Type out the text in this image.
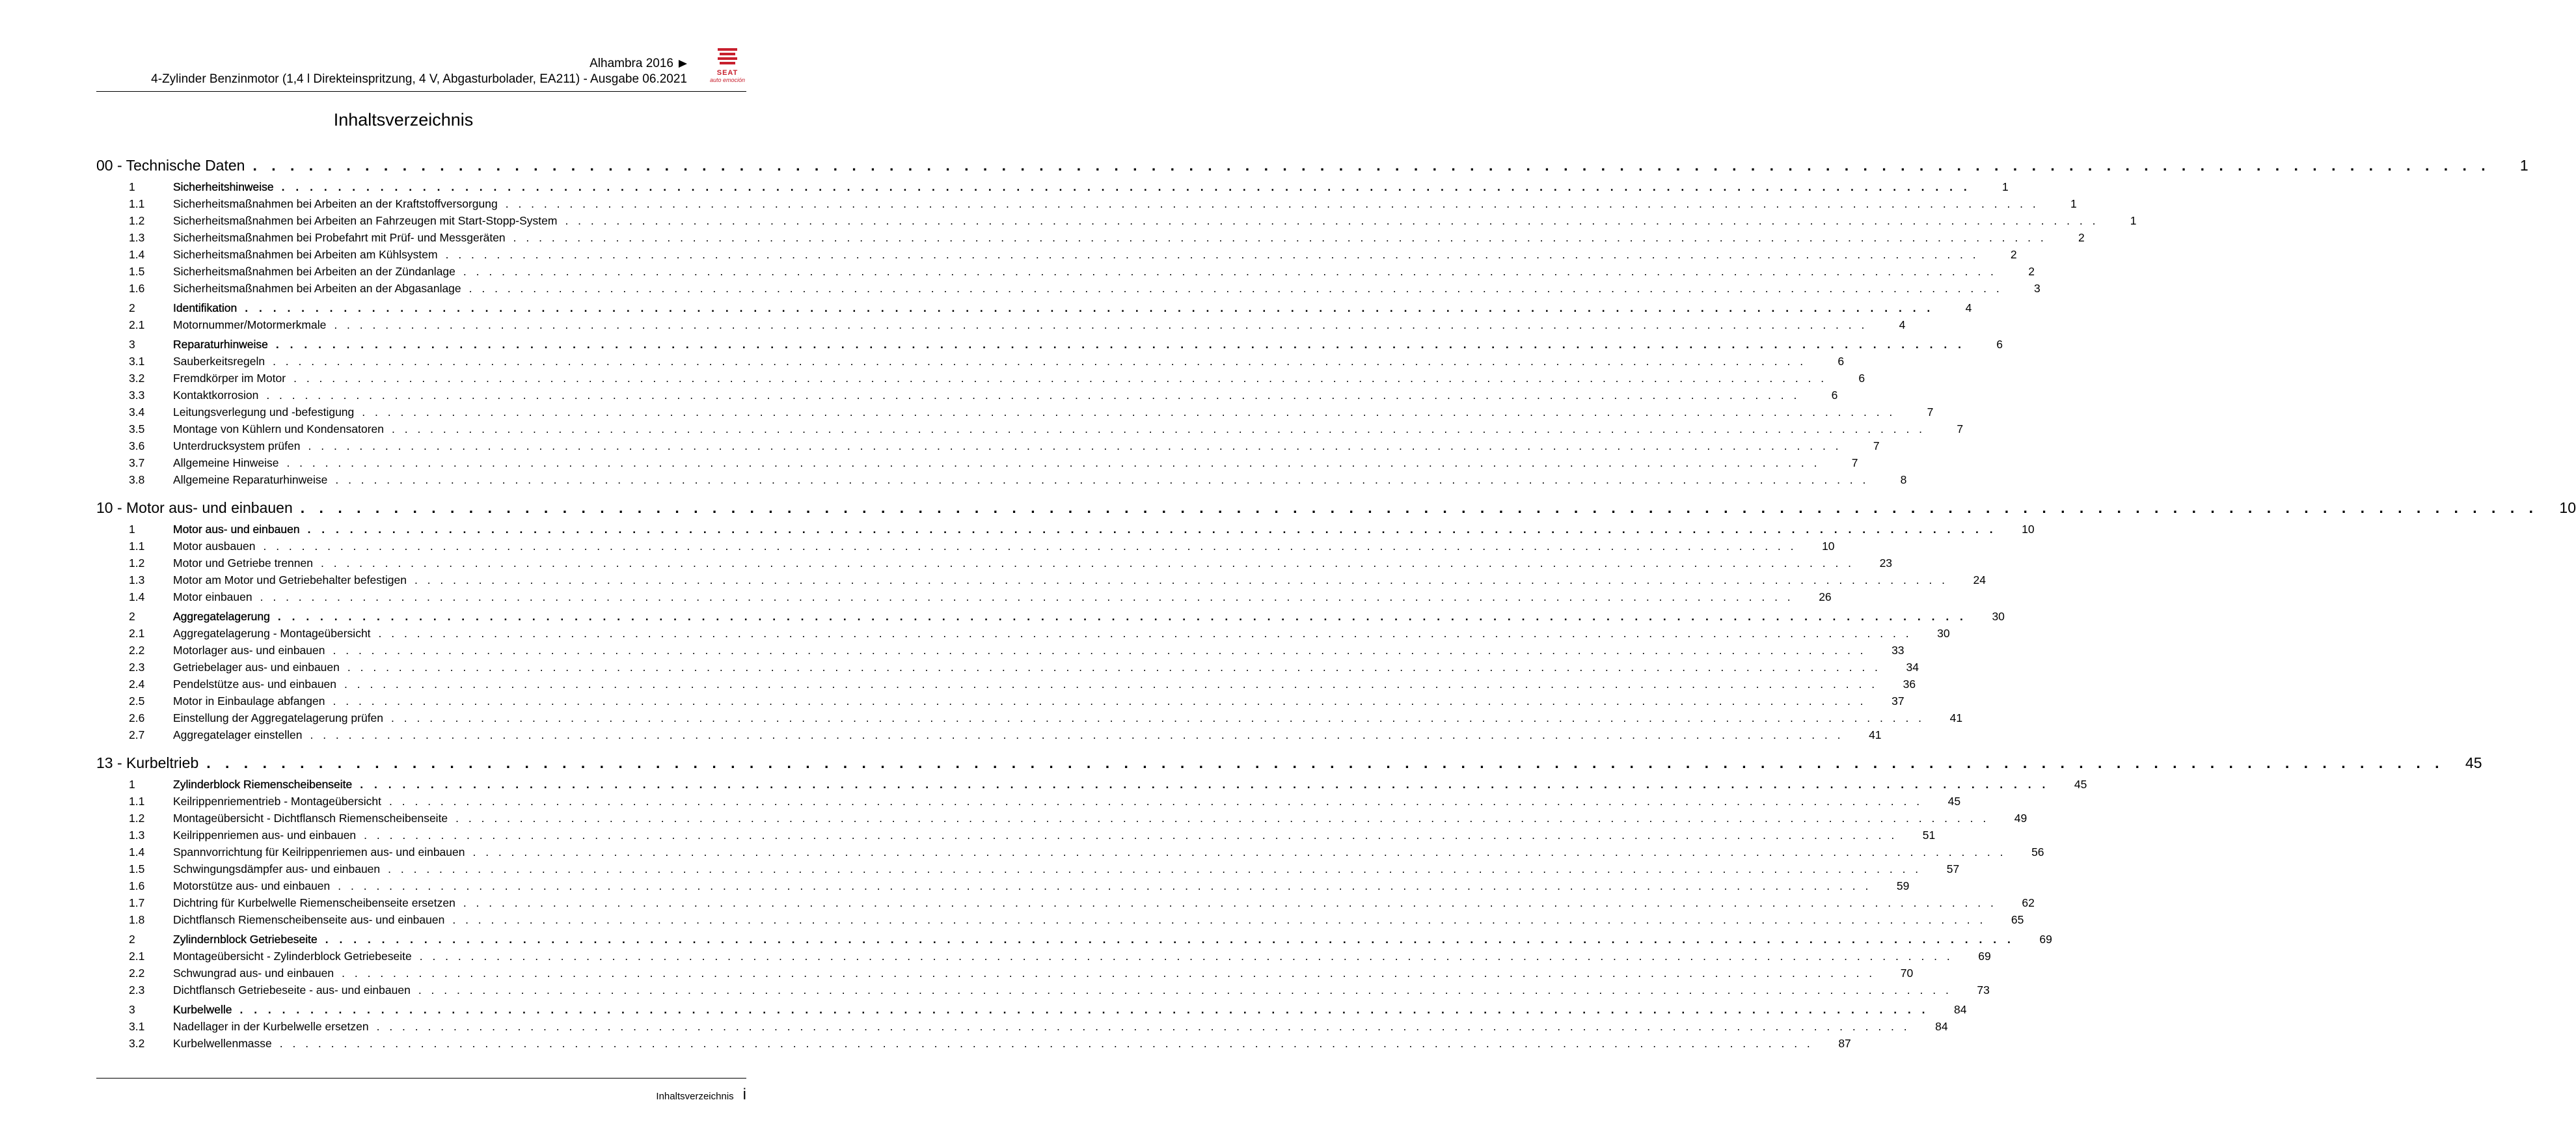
Alhambra 2016
4-Zylinder Benzinmotor (1,4 l Direkteinspritzung, 4 V, Abgasturbolader, EA211) - Ausgabe 06.2021	SEAT
auto emoción
Inhaltsverzeichnis
00 - Technische Daten . . . . . . . . . . . . . . . . . . . . . . . . . . . . . . . . . . . . . . . . . . . . . . . . . . . . . . . . . . . . . . . . . . . . . . . . . . . . . . . . . . . . . . . . . . . . . . . . . . . . . . . . . . . . . . . . . . . . . . . .	1
1	Sicherheitshinweise . . . . . . . . . . . . . . . . . . . . . . . . . . . . . . . . . . . . . . . . . . . . . . . . . . . . . . . . . . . . . . . . . . . . . . . . . . . . . . . . . . . . . . . . . . . . . . . . . . . . . . . . . . . . . . . . . . . . . . . .	1
1.1	Sicherheitsmaßnahmen bei Arbeiten an der Kraftstoffversorgung . . . . . . . . . . . . . . . . . . . . . . . . . . . . . . . . . . . . . . . . . . . . . . . . . . . . . . . . . . . . . . . . . . . . . . . . . . . . . . . . . . . . . . . . . . . . . . . . . . . . . . . . . . . . . . . . . . . . . . . .	1
1.2	Sicherheitsmaßnahmen bei Arbeiten an Fahrzeugen mit Start-Stopp-System . . . . . . . . . . . . . . . . . . . . . . . . . . . . . . . . . . . . . . . . . . . . . . . . . . . . . . . . . . . . . . . . . . . . . . . . . . . . . . . . . . . . . . . . . . . . . . . . . . . . . . . . . . . . . . . . . . . . . . . .	1
1.3	Sicherheitsmaßnahmen bei Probefahrt mit Prüf- und Messgeräten . . . . . . . . . . . . . . . . . . . . . . . . . . . . . . . . . . . . . . . . . . . . . . . . . . . . . . . . . . . . . . . . . . . . . . . . . . . . . . . . . . . . . . . . . . . . . . . . . . . . . . . . . . . . . . . . . . . . . . . .	2
1.4	Sicherheitsmaßnahmen bei Arbeiten am Kühlsystem . . . . . . . . . . . . . . . . . . . . . . . . . . . . . . . . . . . . . . . . . . . . . . . . . . . . . . . . . . . . . . . . . . . . . . . . . . . . . . . . . . . . . . . . . . . . . . . . . . . . . . . . . . . . . . . . . . . . . . . .	2
1.5	Sicherheitsmaßnahmen bei Arbeiten an der Zündanlage . . . . . . . . . . . . . . . . . . . . . . . . . . . . . . . . . . . . . . . . . . . . . . . . . . . . . . . . . . . . . . . . . . . . . . . . . . . . . . . . . . . . . . . . . . . . . . . . . . . . . . . . . . . . . . . . . . . . . . . .	2
1.6	Sicherheitsmaßnahmen bei Arbeiten an der Abgasanlage . . . . . . . . . . . . . . . . . . . . . . . . . . . . . . . . . . . . . . . . . . . . . . . . . . . . . . . . . . . . . . . . . . . . . . . . . . . . . . . . . . . . . . . . . . . . . . . . . . . . . . . . . . . . . . . . . . . . . . . .	3
2	Identifikation . . . . . . . . . . . . . . . . . . . . . . . . . . . . . . . . . . . . . . . . . . . . . . . . . . . . . . . . . . . . . . . . . . . . . . . . . . . . . . . . . . . . . . . . . . . . . . . . . . . . . . . . . . . . . . . . . . . . . . . .	4
2.1	Motornummer/Motormerkmale . . . . . . . . . . . . . . . . . . . . . . . . . . . . . . . . . . . . . . . . . . . . . . . . . . . . . . . . . . . . . . . . . . . . . . . . . . . . . . . . . . . . . . . . . . . . . . . . . . . . . . . . . . . . . . . . . . . . . . . .	4
3	Reparaturhinweise . . . . . . . . . . . . . . . . . . . . . . . . . . . . . . . . . . . . . . . . . . . . . . . . . . . . . . . . . . . . . . . . . . . . . . . . . . . . . . . . . . . . . . . . . . . . . . . . . . . . . . . . . . . . . . . . . . . . . . . .	6
3.1	Sauberkeitsregeln . . . . . . . . . . . . . . . . . . . . . . . . . . . . . . . . . . . . . . . . . . . . . . . . . . . . . . . . . . . . . . . . . . . . . . . . . . . . . . . . . . . . . . . . . . . . . . . . . . . . . . . . . . . . . . . . . . . . . . . .	6
3.2	Fremdkörper im Motor . . . . . . . . . . . . . . . . . . . . . . . . . . . . . . . . . . . . . . . . . . . . . . . . . . . . . . . . . . . . . . . . . . . . . . . . . . . . . . . . . . . . . . . . . . . . . . . . . . . . . . . . . . . . . . . . . . . . . . . .	6
3.3	Kontaktkorrosion . . . . . . . . . . . . . . . . . . . . . . . . . . . . . . . . . . . . . . . . . . . . . . . . . . . . . . . . . . . . . . . . . . . . . . . . . . . . . . . . . . . . . . . . . . . . . . . . . . . . . . . . . . . . . . . . . . . . . . . .	6
3.4	Leitungsverlegung und -befestigung . . . . . . . . . . . . . . . . . . . . . . . . . . . . . . . . . . . . . . . . . . . . . . . . . . . . . . . . . . . . . . . . . . . . . . . . . . . . . . . . . . . . . . . . . . . . . . . . . . . . . . . . . . . . . . . . . . . . . . . .	7
3.5	Montage von Kühlern und Kondensatoren . . . . . . . . . . . . . . . . . . . . . . . . . . . . . . . . . . . . . . . . . . . . . . . . . . . . . . . . . . . . . . . . . . . . . . . . . . . . . . . . . . . . . . . . . . . . . . . . . . . . . . . . . . . . . . . . . . . . . . . .	7
3.6	Unterdrucksystem prüfen . . . . . . . . . . . . . . . . . . . . . . . . . . . . . . . . . . . . . . . . . . . . . . . . . . . . . . . . . . . . . . . . . . . . . . . . . . . . . . . . . . . . . . . . . . . . . . . . . . . . . . . . . . . . . . . . . . . . . . . .	7
3.7	Allgemeine Hinweise . . . . . . . . . . . . . . . . . . . . . . . . . . . . . . . . . . . . . . . . . . . . . . . . . . . . . . . . . . . . . . . . . . . . . . . . . . . . . . . . . . . . . . . . . . . . . . . . . . . . . . . . . . . . . . . . . . . . . . . .	7
3.8	Allgemeine Reparaturhinweise . . . . . . . . . . . . . . . . . . . . . . . . . . . . . . . . . . . . . . . . . . . . . . . . . . . . . . . . . . . . . . . . . . . . . . . . . . . . . . . . . . . . . . . . . . . . . . . . . . . . . . . . . . . . . . . . . . . . . . . .	8
10 - Motor aus- und einbauen . . . . . . . . . . . . . . . . . . . . . . . . . . . . . . . . . . . . . . . . . . . . . . . . . . . . . . . . . . . . . . . . . . . . . . . . . . . . . . . . . . . . . . . . . . . . . . . . . . . . . . . . . . . . . . . . . . . . . . . .	10
1	Motor aus- und einbauen . . . . . . . . . . . . . . . . . . . . . . . . . . . . . . . . . . . . . . . . . . . . . . . . . . . . . . . . . . . . . . . . . . . . . . . . . . . . . . . . . . . . . . . . . . . . . . . . . . . . . . . . . . . . . . . . . . . . . . . .	10
1.1	Motor ausbauen . . . . . . . . . . . . . . . . . . . . . . . . . . . . . . . . . . . . . . . . . . . . . . . . . . . . . . . . . . . . . . . . . . . . . . . . . . . . . . . . . . . . . . . . . . . . . . . . . . . . . . . . . . . . . . . . . . . . . . . .	10
1.2	Motor und Getriebe trennen . . . . . . . . . . . . . . . . . . . . . . . . . . . . . . . . . . . . . . . . . . . . . . . . . . . . . . . . . . . . . . . . . . . . . . . . . . . . . . . . . . . . . . . . . . . . . . . . . . . . . . . . . . . . . . . . . . . . . . . .	23
1.3	Motor am Motor und Getriebehalter befestigen . . . . . . . . . . . . . . . . . . . . . . . . . . . . . . . . . . . . . . . . . . . . . . . . . . . . . . . . . . . . . . . . . . . . . . . . . . . . . . . . . . . . . . . . . . . . . . . . . . . . . . . . . . . . . . . . . . . . . . . .	24
1.4	Motor einbauen . . . . . . . . . . . . . . . . . . . . . . . . . . . . . . . . . . . . . . . . . . . . . . . . . . . . . . . . . . . . . . . . . . . . . . . . . . . . . . . . . . . . . . . . . . . . . . . . . . . . . . . . . . . . . . . . . . . . . . . .	26
2	Aggregatelagerung . . . . . . . . . . . . . . . . . . . . . . . . . . . . . . . . . . . . . . . . . . . . . . . . . . . . . . . . . . . . . . . . . . . . . . . . . . . . . . . . . . . . . . . . . . . . . . . . . . . . . . . . . . . . . . . . . . . . . . . .	30
2.1	Aggregatelagerung - Montageübersicht . . . . . . . . . . . . . . . . . . . . . . . . . . . . . . . . . . . . . . . . . . . . . . . . . . . . . . . . . . . . . . . . . . . . . . . . . . . . . . . . . . . . . . . . . . . . . . . . . . . . . . . . . . . . . . . . . . . . . . . .	30
2.2	Motorlager aus- und einbauen . . . . . . . . . . . . . . . . . . . . . . . . . . . . . . . . . . . . . . . . . . . . . . . . . . . . . . . . . . . . . . . . . . . . . . . . . . . . . . . . . . . . . . . . . . . . . . . . . . . . . . . . . . . . . . . . . . . . . . . .	33
2.3	Getriebelager aus- und einbauen . . . . . . . . . . . . . . . . . . . . . . . . . . . . . . . . . . . . . . . . . . . . . . . . . . . . . . . . . . . . . . . . . . . . . . . . . . . . . . . . . . . . . . . . . . . . . . . . . . . . . . . . . . . . . . . . . . . . . . . .	34
2.4	Pendelstütze aus- und einbauen . . . . . . . . . . . . . . . . . . . . . . . . . . . . . . . . . . . . . . . . . . . . . . . . . . . . . . . . . . . . . . . . . . . . . . . . . . . . . . . . . . . . . . . . . . . . . . . . . . . . . . . . . . . . . . . . . . . . . . . .	36
2.5	Motor in Einbaulage abfangen . . . . . . . . . . . . . . . . . . . . . . . . . . . . . . . . . . . . . . . . . . . . . . . . . . . . . . . . . . . . . . . . . . . . . . . . . . . . . . . . . . . . . . . . . . . . . . . . . . . . . . . . . . . . . . . . . . . . . . . .	37
2.6	Einstellung der Aggregatelagerung prüfen . . . . . . . . . . . . . . . . . . . . . . . . . . . . . . . . . . . . . . . . . . . . . . . . . . . . . . . . . . . . . . . . . . . . . . . . . . . . . . . . . . . . . . . . . . . . . . . . . . . . . . . . . . . . . . . . . . . . . . . .	41
2.7	Aggregatelager einstellen . . . . . . . . . . . . . . . . . . . . . . . . . . . . . . . . . . . . . . . . . . . . . . . . . . . . . . . . . . . . . . . . . . . . . . . . . . . . . . . . . . . . . . . . . . . . . . . . . . . . . . . . . . . . . . . . . . . . . . . .	41
13 - Kurbeltrieb . . . . . . . . . . . . . . . . . . . . . . . . . . . . . . . . . . . . . . . . . . . . . . . . . . . . . . . . . . . . . . . . . . . . . . . . . . . . . . . . . . . . . . . . . . . . . . . . . . . . . . . . . . . . . . . . . . . . . . . .	45
1	Zylinderblock Riemenscheibenseite . . . . . . . . . . . . . . . . . . . . . . . . . . . . . . . . . . . . . . . . . . . . . . . . . . . . . . . . . . . . . . . . . . . . . . . . . . . . . . . . . . . . . . . . . . . . . . . . . . . . . . . . . . . . . . . . . . . . . . . .	45
1.1	Keilrippenriementrieb - Montageübersicht . . . . . . . . . . . . . . . . . . . . . . . . . . . . . . . . . . . . . . . . . . . . . . . . . . . . . . . . . . . . . . . . . . . . . . . . . . . . . . . . . . . . . . . . . . . . . . . . . . . . . . . . . . . . . . . . . . . . . . . .	45
1.2	Montageübersicht - Dichtflansch Riemenscheibenseite . . . . . . . . . . . . . . . . . . . . . . . . . . . . . . . . . . . . . . . . . . . . . . . . . . . . . . . . . . . . . . . . . . . . . . . . . . . . . . . . . . . . . . . . . . . . . . . . . . . . . . . . . . . . . . . . . . . . . . . .	49
1.3	Keilrippenriemen aus- und einbauen . . . . . . . . . . . . . . . . . . . . . . . . . . . . . . . . . . . . . . . . . . . . . . . . . . . . . . . . . . . . . . . . . . . . . . . . . . . . . . . . . . . . . . . . . . . . . . . . . . . . . . . . . . . . . . . . . . . . . . . .	51
1.4	Spannvorrichtung für Keilrippenriemen aus- und einbauen . . . . . . . . . . . . . . . . . . . . . . . . . . . . . . . . . . . . . . . . . . . . . . . . . . . . . . . . . . . . . . . . . . . . . . . . . . . . . . . . . . . . . . . . . . . . . . . . . . . . . . . . . . . . . . . . . . . . . . . .	56
1.5	Schwingungsdämpfer aus- und einbauen . . . . . . . . . . . . . . . . . . . . . . . . . . . . . . . . . . . . . . . . . . . . . . . . . . . . . . . . . . . . . . . . . . . . . . . . . . . . . . . . . . . . . . . . . . . . . . . . . . . . . . . . . . . . . . . . . . . . . . . .	57
1.6	Motorstütze aus- und einbauen . . . . . . . . . . . . . . . . . . . . . . . . . . . . . . . . . . . . . . . . . . . . . . . . . . . . . . . . . . . . . . . . . . . . . . . . . . . . . . . . . . . . . . . . . . . . . . . . . . . . . . . . . . . . . . . . . . . . . . . .	59
1.7	Dichtring für Kurbelwelle Riemenscheibenseite ersetzen . . . . . . . . . . . . . . . . . . . . . . . . . . . . . . . . . . . . . . . . . . . . . . . . . . . . . . . . . . . . . . . . . . . . . . . . . . . . . . . . . . . . . . . . . . . . . . . . . . . . . . . . . . . . . . . . . . . . . . . .	62
1.8	Dichtflansch Riemenscheibenseite aus- und einbauen . . . . . . . . . . . . . . . . . . . . . . . . . . . . . . . . . . . . . . . . . . . . . . . . . . . . . . . . . . . . . . . . . . . . . . . . . . . . . . . . . . . . . . . . . . . . . . . . . . . . . . . . . . . . . . . . . . . . . . . .	65
2	Zylindernblock Getriebeseite . . . . . . . . . . . . . . . . . . . . . . . . . . . . . . . . . . . . . . . . . . . . . . . . . . . . . . . . . . . . . . . . . . . . . . . . . . . . . . . . . . . . . . . . . . . . . . . . . . . . . . . . . . . . . . . . . . . . . . . .	69
2.1	Montageübersicht - Zylinderblock Getriebeseite . . . . . . . . . . . . . . . . . . . . . . . . . . . . . . . . . . . . . . . . . . . . . . . . . . . . . . . . . . . . . . . . . . . . . . . . . . . . . . . . . . . . . . . . . . . . . . . . . . . . . . . . . . . . . . . . . . . . . . . .	69
2.2	Schwungrad aus- und einbauen . . . . . . . . . . . . . . . . . . . . . . . . . . . . . . . . . . . . . . . . . . . . . . . . . . . . . . . . . . . . . . . . . . . . . . . . . . . . . . . . . . . . . . . . . . . . . . . . . . . . . . . . . . . . . . . . . . . . . . . .	70
2.3	Dichtflansch Getriebeseite - aus- und einbauen . . . . . . . . . . . . . . . . . . . . . . . . . . . . . . . . . . . . . . . . . . . . . . . . . . . . . . . . . . . . . . . . . . . . . . . . . . . . . . . . . . . . . . . . . . . . . . . . . . . . . . . . . . . . . . . . . . . . . . . .	73
3	Kurbelwelle . . . . . . . . . . . . . . . . . . . . . . . . . . . . . . . . . . . . . . . . . . . . . . . . . . . . . . . . . . . . . . . . . . . . . . . . . . . . . . . . . . . . . . . . . . . . . . . . . . . . . . . . . . . . . . . . . . . . . . . .	84
3.1	Nadellager in der Kurbelwelle ersetzen . . . . . . . . . . . . . . . . . . . . . . . . . . . . . . . . . . . . . . . . . . . . . . . . . . . . . . . . . . . . . . . . . . . . . . . . . . . . . . . . . . . . . . . . . . . . . . . . . . . . . . . . . . . . . . . . . . . . . . . .	84
3.2	Kurbelwellenmasse . . . . . . . . . . . . . . . . . . . . . . . . . . . . . . . . . . . . . . . . . . . . . . . . . . . . . . . . . . . . . . . . . . . . . . . . . . . . . . . . . . . . . . . . . . . . . . . . . . . . . . . . . . . . . . . . . . . . . . . .	87
Inhaltsverzeichnis i
